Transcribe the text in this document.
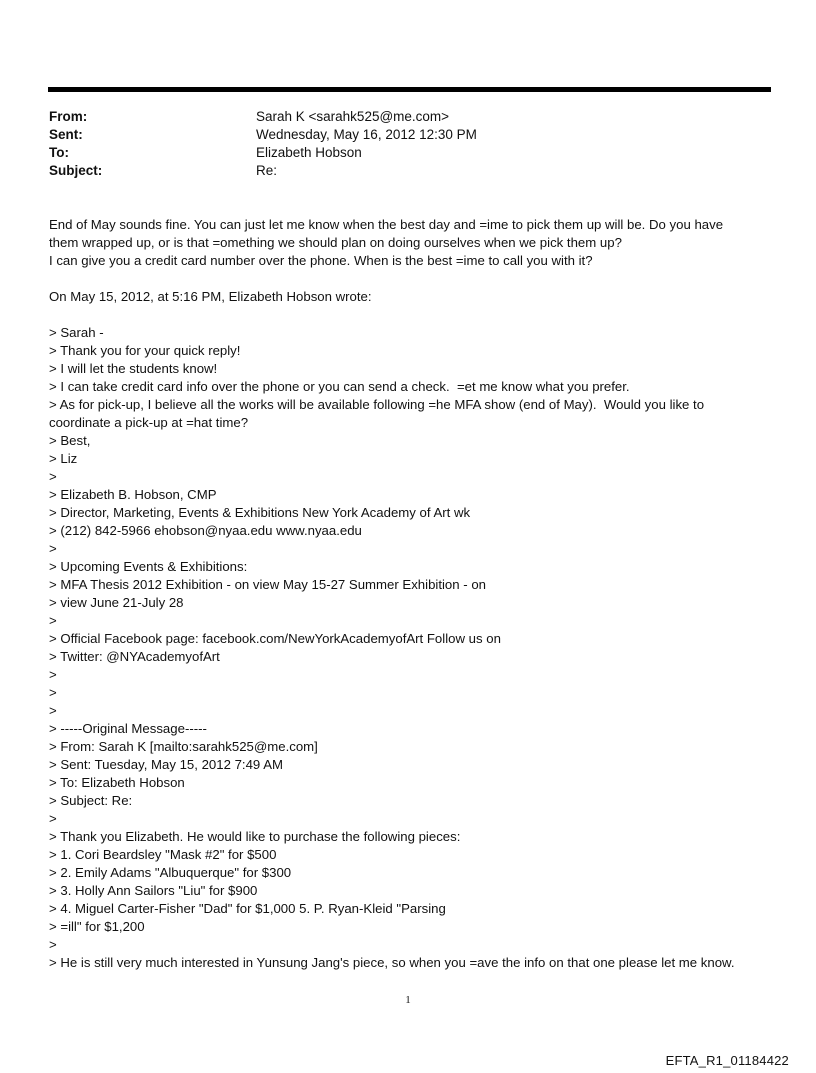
From:	Sarah K <sarahk525@me.com>
Sent:	Wednesday, May 16, 2012 12:30 PM
To:	Elizabeth Hobson
Subject:	Re:
End of May sounds fine. You can just let me know when the best day and =ime to pick them up will be. Do you have
them wrapped up, or is that =omething we should plan on doing ourselves when we pick them up?
I can give you a credit card number over the phone. When is the best =ime to call you with it?
On May 15, 2012, at 5:16 PM, Elizabeth Hobson wrote:
> Sarah -
> Thank you for your quick reply!
> I will let the students know!
> I can take credit card info over the phone or you can send a check.  =et me know what you prefer.
> As for pick-up, I believe all the works will be available following =he MFA show (end of May).  Would you like to
coordinate a pick-up at =hat time?
> Best,
> Liz
>
> Elizabeth B. Hobson, CMP
> Director, Marketing, Events & Exhibitions New York Academy of Art wk
> (212) 842-5966 ehobson@nyaa.edu www.nyaa.edu
>
> Upcoming Events & Exhibitions:
> MFA Thesis 2012 Exhibition - on view May 15-27 Summer Exhibition - on
> view June 21-July 28
>
> Official Facebook page: facebook.com/NewYorkAcademyofArt Follow us on
> Twitter: @NYAcademyofArt
>
>
>
> -----Original Message-----
> From: Sarah K [mailto:sarahk525@me.com]
> Sent: Tuesday, May 15, 2012 7:49 AM
> To: Elizabeth Hobson
> Subject: Re:
>
> Thank you Elizabeth. He would like to purchase the following pieces:
> 1. Cori Beardsley "Mask #2" for $500
> 2. Emily Adams "Albuquerque" for $300
> 3. Holly Ann Sailors "Liu" for $900
> 4. Miguel Carter-Fisher "Dad" for $1,000 5. P. Ryan-Kleid "Parsing
> =ill" for $1,200
>
> He is still very much interested in Yunsung Jang's piece, so when you =ave the info on that one please let me know.
1
EFTA_R1_01184422
